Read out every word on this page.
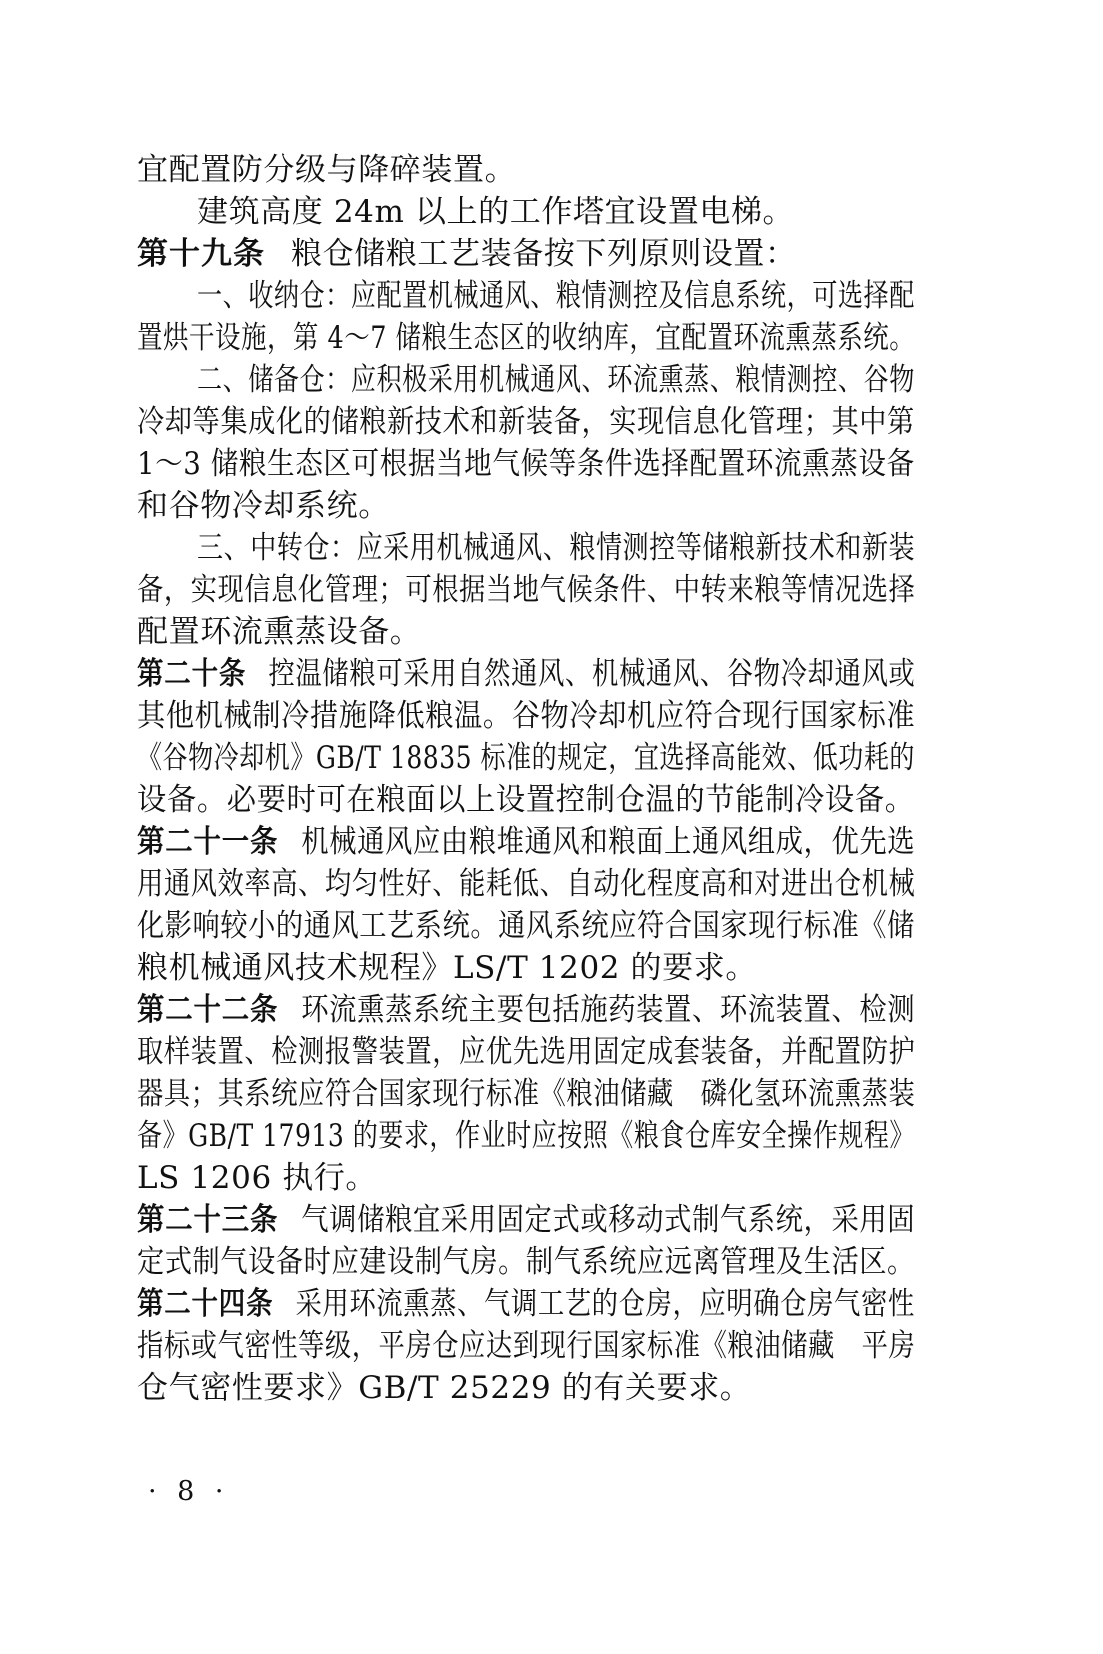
宜配置防分级与降碎装置。
建筑高度 24m 以上的工作塔宜设置电梯。
第十九条 粮仓储粮工艺装备按下列原则设置：
一、收纳仓：应配置机械通风、粮情测控及信息系统，可选择配
置烘干设施，第 4～7 储粮生态区的收纳库，宜配置环流熏蒸系统。
二、储备仓：应积极采用机械通风、环流熏蒸、粮情测控、谷物
冷却等集成化的储粮新技术和新装备，实现信息化管理；其中第
1～3 储粮生态区可根据当地气候等条件选择配置环流熏蒸设备
和谷物冷却系统。
三、中转仓：应采用机械通风、粮情测控等储粮新技术和新装
备，实现信息化管理；可根据当地气候条件、中转来粮等情况选择
配置环流熏蒸设备。
第二十条 控温储粮可采用自然通风、机械通风、谷物冷却通风或
其他机械制冷措施降低粮温。谷物冷却机应符合现行国家标准
《谷物冷却机》GB/T 18835 标准的规定，宜选择高能效、低功耗的
设备。必要时可在粮面以上设置控制仓温的节能制冷设备。
第二十一条 机械通风应由粮堆通风和粮面上通风组成，优先选
用通风效率高、均匀性好、能耗低、自动化程度高和对进出仓机械
化影响较小的通风工艺系统。通风系统应符合国家现行标准《储
粮机械通风技术规程》LS/T 1202 的要求。
第二十二条 环流熏蒸系统主要包括施药装置、环流装置、检测
取样装置、检测报警装置，应优先选用固定成套装备，并配置防护
器具；其系统应符合国家现行标准《粮油储藏　磷化氢环流熏蒸装
备》GB/T 17913 的要求，作业时应按照《粮食仓库安全操作规程》
LS 1206 执行。
第二十三条 气调储粮宜采用固定式或移动式制气系统，采用固
定式制气设备时应建设制气房。制气系统应远离管理及生活区。
第二十四条 采用环流熏蒸、气调工艺的仓房，应明确仓房气密性
指标或气密性等级，平房仓应达到现行国家标准《粮油储藏　平房
仓气密性要求》GB/T 25229 的有关要求。
· 8 ·
